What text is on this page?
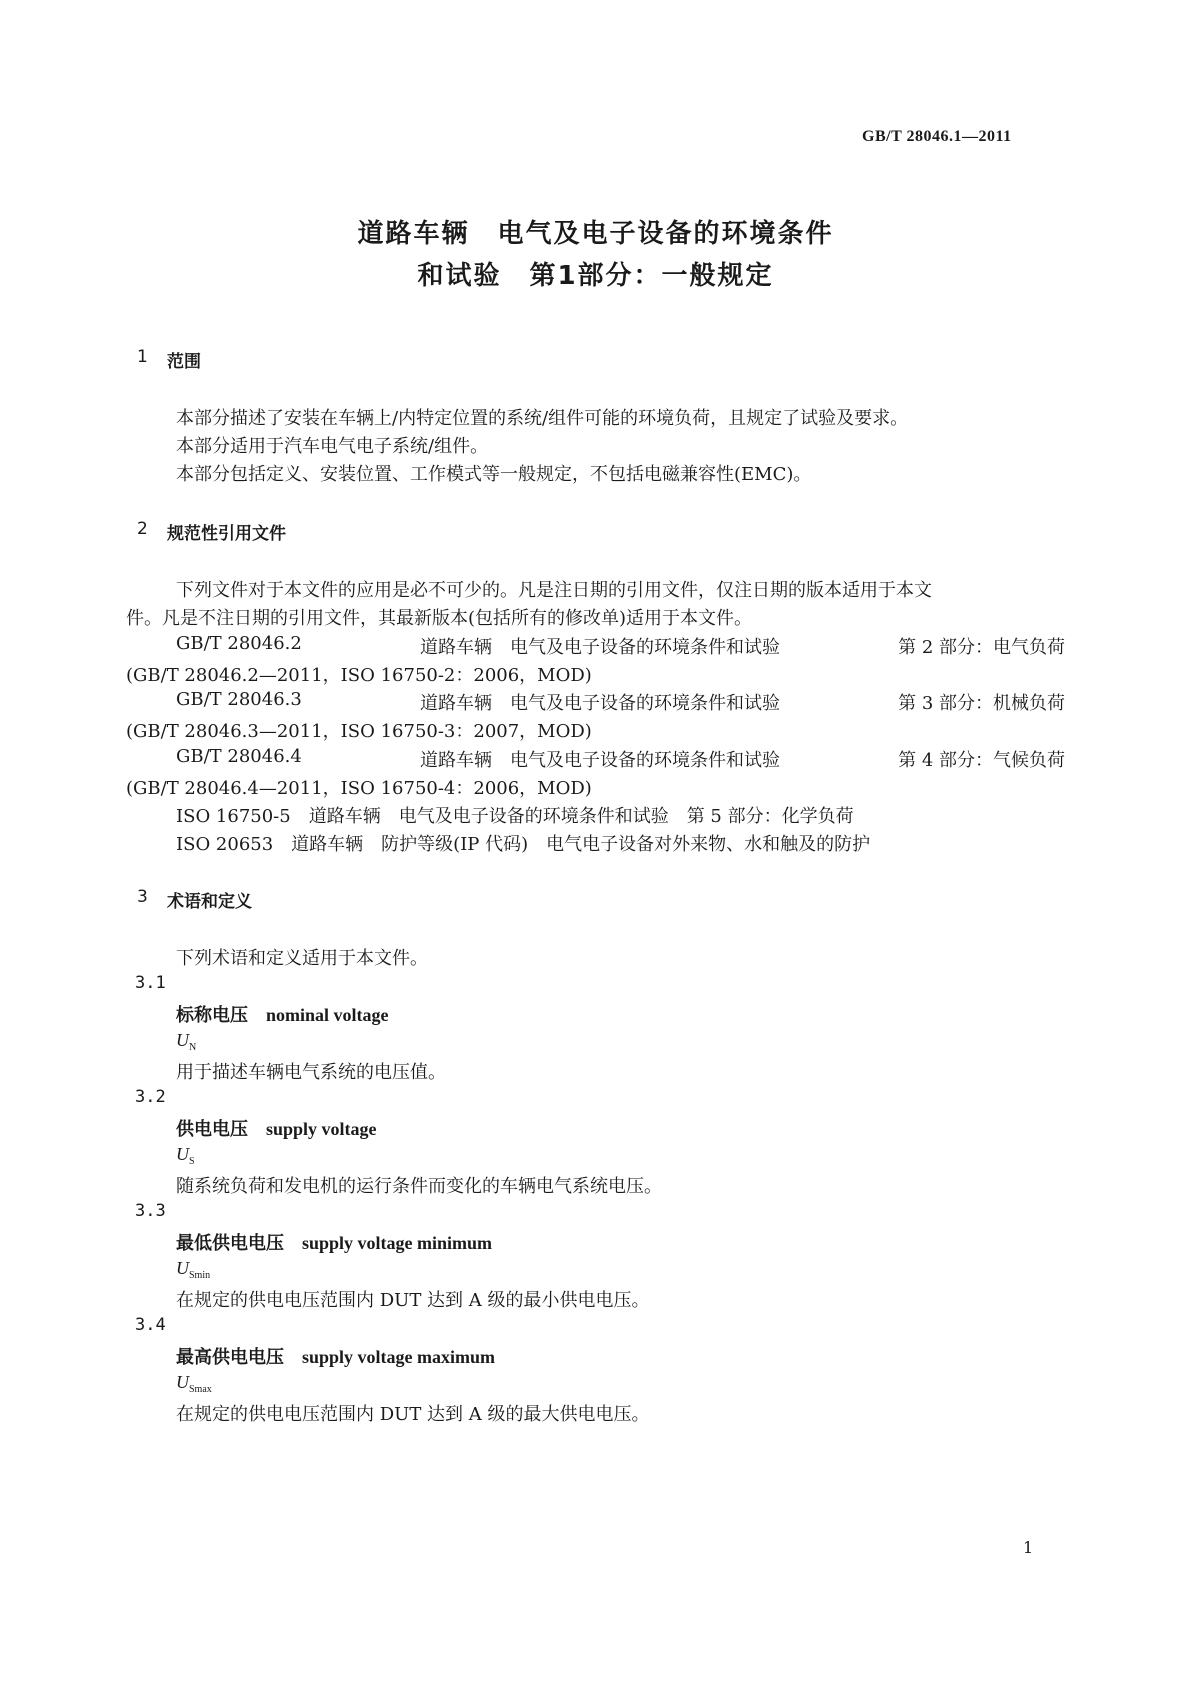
GB/T 28046.1—2011
道路车辆　电气及电子设备的环境条件
和试验　第1部分：一般规定
1 范围
本部分描述了安装在车辆上/内特定位置的系统/组件可能的环境负荷，且规定了试验及要求。
本部分适用于汽车电气电子系统/组件。
本部分包括定义、安装位置、工作模式等一般规定，不包括电磁兼容性(EMC)。
2 规范性引用文件
下列文件对于本文件的应用是必不可少的。凡是注日期的引用文件，仅注日期的版本适用于本文
件。凡是不注日期的引用文件，其最新版本(包括所有的修改单)适用于本文件。
GB/T 28046.2	道路车辆　电气及电子设备的环境条件和试验	第 2 部分：电气负荷
(GB/T 28046.2—2011，ISO 16750-2：2006，MOD)
GB/T 28046.3	道路车辆　电气及电子设备的环境条件和试验	第 3 部分：机械负荷
(GB/T 28046.3—2011，ISO 16750-3：2007，MOD)
GB/T 28046.4	道路车辆　电气及电子设备的环境条件和试验	第 4 部分：气候负荷
(GB/T 28046.4—2011，ISO 16750-4：2006，MOD)
ISO 16750-5　道路车辆　电气及电子设备的环境条件和试验　第 5 部分：化学负荷
ISO 20653　道路车辆　防护等级(IP 代码)　电气电子设备对外来物、水和触及的防护
3 术语和定义
下列术语和定义适用于本文件。
3.1
标称电压 nominal voltage
$U_N$
用于描述车辆电气系统的电压值。
3.2
供电电压 supply voltage
$U_S$
随系统负荷和发电机的运行条件而变化的车辆电气系统电压。
3.3
最低供电电压 supply voltage minimum
$U_{Smin}$
在规定的供电电压范围内 DUT 达到 A 级的最小供电电压。
3.4
最高供电电压 supply voltage maximum
$U_{Smax}$
在规定的供电电压范围内 DUT 达到 A 级的最大供电电压。
1
